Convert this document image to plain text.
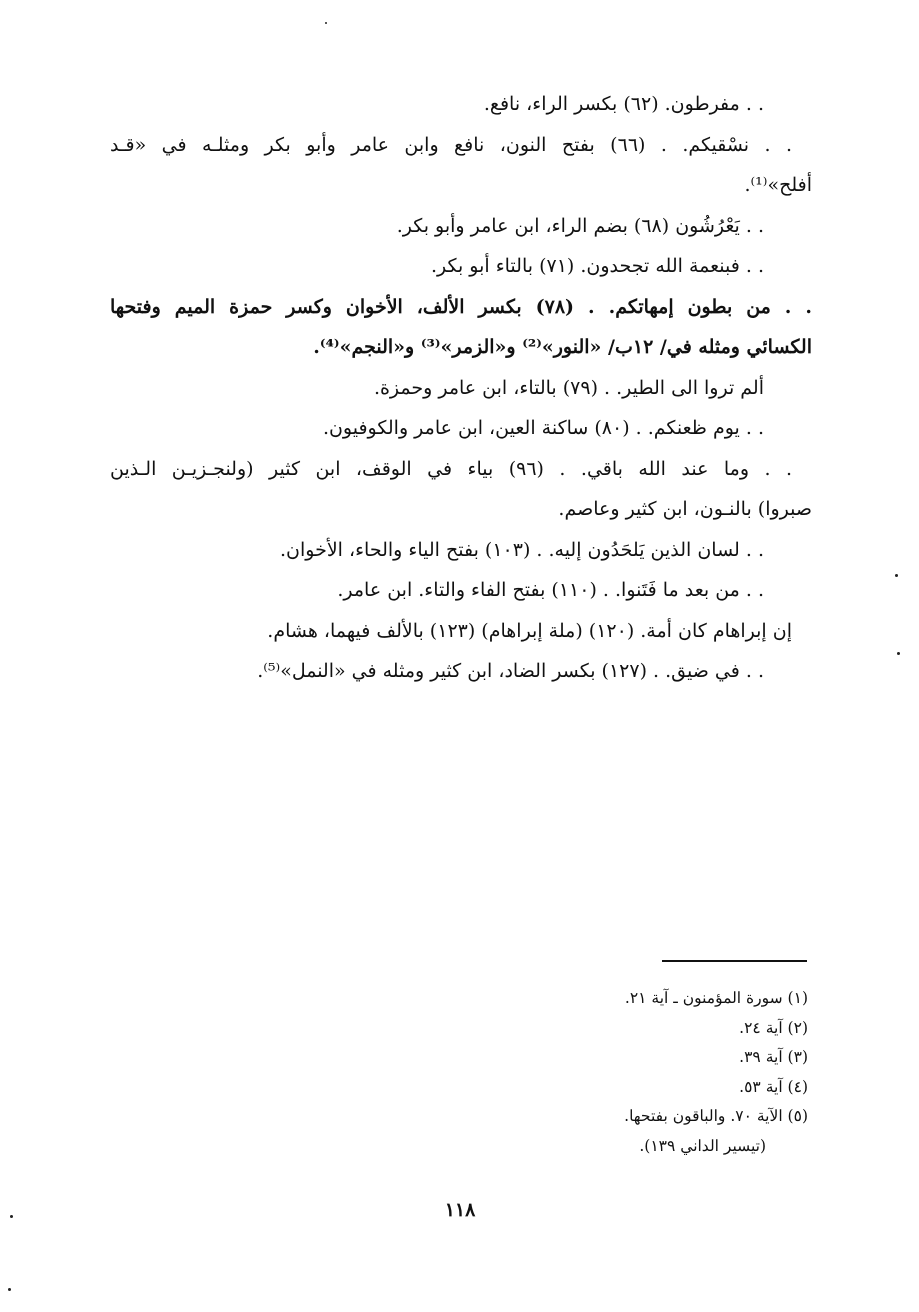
. . مفرطون. (٦٢) بكسر الراء، نافع.
. . نسْقيكم. . (٦٦) بفتح النون، نافع وابن عامر وأبو بكر ومثلـه في «قـد
أفلح»⁽¹⁾.
. . يَعْرُشُون (٦٨) بضم الراء، ابن عامر وأبو بكر.
. . فبنعمة الله تجحدون. (٧١) بالتاء أبو بكر.
. . من بطون إمهاتكم. . (٧٨) بكسر الألف، الأخوان وكسر حمزة الميم وفتحها
الكسائي ومثله في/ ١٢ب/ «النور»⁽²⁾ و«الزمر»⁽³⁾ و«النجم»⁽⁴⁾.
ألم تروا الى الطير. . (٧٩) بالتاء، ابن عامر وحمزة.
. . يوم ظعنكم. . (٨٠) ساكنة العين، ابن عامر والكوفيون.
. . وما عند الله باقي. . (٩٦) بياء في الوقف، ابن كثير (ولنجـزيـن الـذين
صبروا) بالنـون، ابن كثير وعاصم.
. . لسان الذين يَلحَدُون إليه. . (١٠٣) بفتح الياء والحاء، الأخوان.
. . من بعد ما فَتَنوا. . (١١٠) بفتح الفاء والتاء. ابن عامر.
إن إبراهام كان أمة. (١٢٠) (ملة إبراهام) (١٢٣) بالألف فيهما، هشام.
. . في ضيق. . (١٢٧) بكسر الضاد، ابن كثير ومثله في «النمل»⁽⁵⁾.
(١) سورة المؤمنون ـ آية ٢١.
(٢) آية ٢٤.
(٣) آية ٣٩.
(٤) آية ٥٣.
(٥) الآية ٧٠. والباقون بفتحها.
(تيسير الداني ١٣٩).
١١٨
